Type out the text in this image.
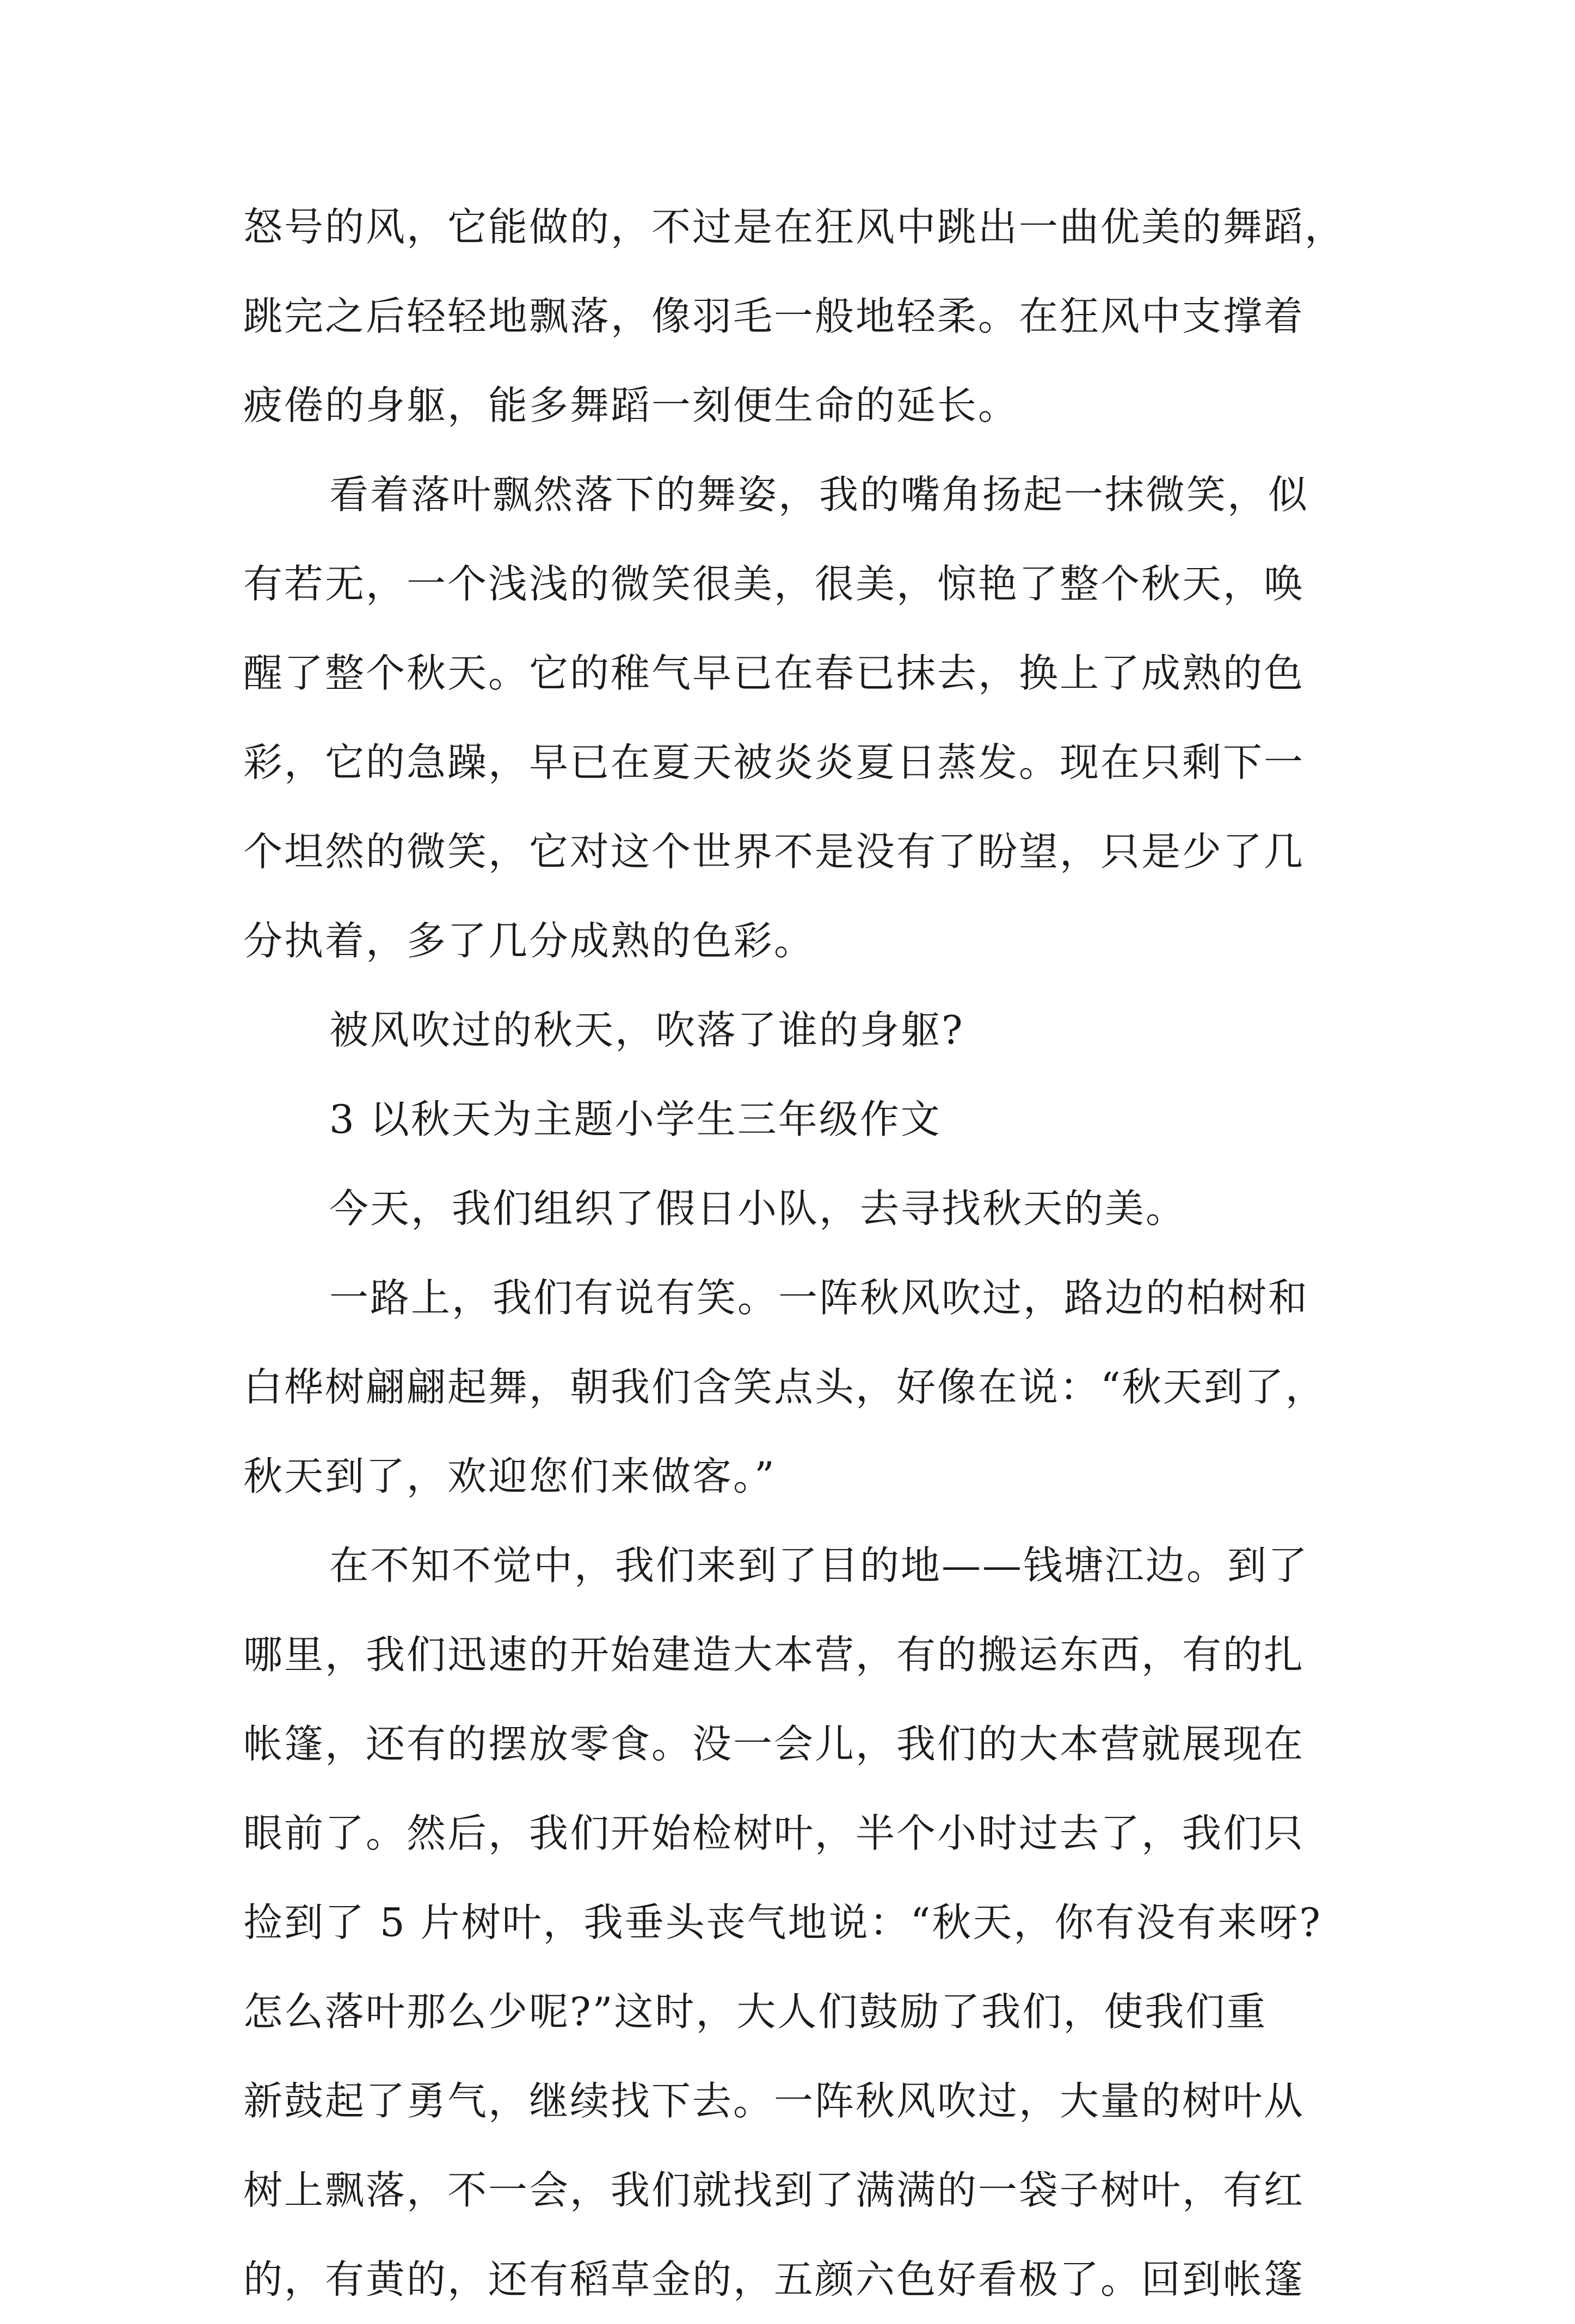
怒号的风，它能做的，不过是在狂风中跳出一曲优美的舞蹈，
跳完之后轻轻地飘落，像羽毛一般地轻柔。在狂风中支撑着
疲倦的身躯，能多舞蹈一刻便生命的延长。
看着落叶飘然落下的舞姿，我的嘴角扬起一抹微笑，似
有若无，一个浅浅的微笑很美，很美，惊艳了整个秋天，唤
醒了整个秋天。它的稚气早已在春已抹去，换上了成熟的色
彩，它的急躁，早已在夏天被炎炎夏日蒸发。现在只剩下一
个坦然的微笑，它对这个世界不是没有了盼望，只是少了几
分执着，多了几分成熟的色彩。
被风吹过的秋天，吹落了谁的身躯?
3 以秋天为主题小学生三年级作文
今天，我们组织了假日小队，去寻找秋天的美。
一路上，我们有说有笑。一阵秋风吹过，路边的柏树和
白桦树翩翩起舞，朝我们含笑点头，好像在说：“秋天到了，
秋天到了，欢迎您们来做客。”
在不知不觉中，我们来到了目的地——钱塘江边。到了
哪里，我们迅速的开始建造大本营，有的搬运东西，有的扎
帐篷，还有的摆放零食。没一会儿，我们的大本营就展现在
眼前了。然后，我们开始检树叶，半个小时过去了，我们只
捡到了 5 片树叶，我垂头丧气地说：“秋天，你有没有来呀?
怎么落叶那么少呢?”这时，大人们鼓励了我们，使我们重
新鼓起了勇气，继续找下去。一阵秋风吹过，大量的树叶从
树上飘落，不一会，我们就找到了满满的一袋子树叶，有红
的，有黄的，还有稻草金的，五颜六色好看极了。回到帐篷
